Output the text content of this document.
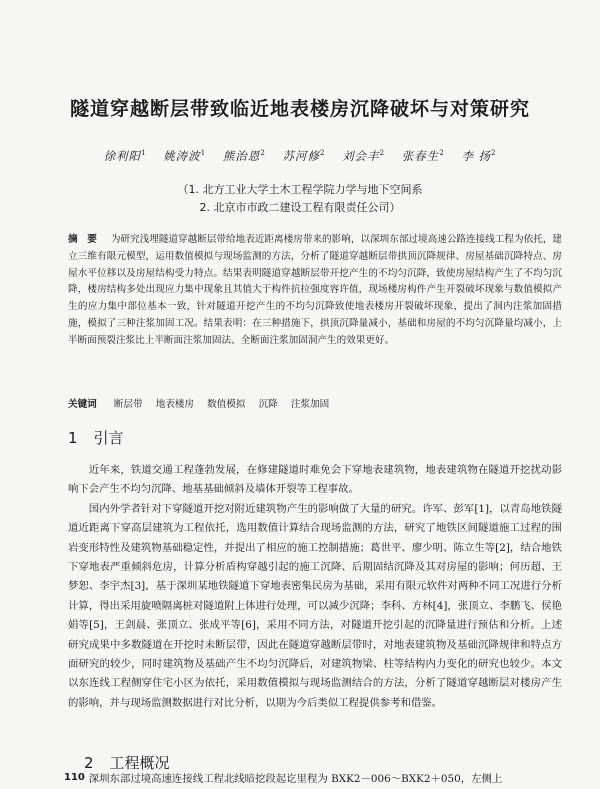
隧道穿越断层带致临近地表楼房沉降破坏与对策研究
徐利阳$^1$ 姚涛波$^1$ 熊治恩$^2$ 苏河修$^2$ 刘会丰$^2$ 张春生$^2$ 李 扬$^2$
（1. 北方工业大学土木工程学院力学与地下空间系
2. 北京市市政二建设工程有限责任公司）
摘　要 为研究浅埋隧道穿越断层带给地表近距离楼房带来的影响，以深圳东部过境高速公路连接线工程为依托，建立三维有限元模型，运用数值模拟与现场监测的方法，分析了隧道穿越断层带拱顶沉降规律、房屋基础沉降特点、房屋水平位移以及房屋结构受力特点。结果表明隧道穿越断层带开挖产生的不均匀沉降，致使房屋结构产生了不均匀沉降，楼房结构多处出现应力集中现象且其值大于构件抗拉强度容许值，现场楼房构件产生开裂破坏现象与数值模拟产生的应力集中部位基本一致，针对隧道开挖产生的不均匀沉降致使地表楼房开裂破坏现象，提出了洞内注浆加固措施，模拟了三种注浆加固工况。结果表明：在三种措施下，拱顶沉降量减小，基础和房屋的不均匀沉降量均减小，上半断面预裂注浆比上半断面注浆加固法、全断面注浆加固洞产生的效果更好。
关键词 断层带 地表楼房 数值模拟 沉降 注浆加固
1 引言

近年来，铁道交通工程蓬勃发展，在修建隧道时难免会下穿地表建筑物，地表建筑物在隧道开挖扰动影响下会产生不均匀沉降、地基基础倾斜及墙体开裂等工程事故。

国内外学者针对下穿隧道开挖对附近建筑物产生的影响做了大量的研究。许军、彭军[1]，以青岛地铁隧道近距离下穿高层建筑为工程依托，选用数值计算结合现场监测的方法，研究了地铁区间隧道施工过程的围岩变形特性及建筑物基础稳定性，并提出了相应的施工控制措施；葛世平、廖少明、陈立生等[2]，结合地铁下穿地表严重倾斜危房，计算分析盾构穿越引起的施工沉降、后期固结沉降及其对房屋的影响；何历超、王梦恕、李宇杰[3]，基于深圳某地铁隧道下穿地表密集民房为基础，采用有限元软件对两种不同工况进行分析计算，得出采用旋喷隔离桩对隧道附上体进行处理，可以减少沉降；李科、方林[4]，张顶立、李鹏飞、侯艳娟等[5]，王剑晨、张顶立、张成平等[6]，采用不同方法，对隧道开挖引起的沉降量进行预估和分析。上述研究成果中多数隧道在开挖时未断层带，因此在隧道穿越断层带时，对地表建筑物及基础沉降规律和特点方面研究的较少，同时建筑物及基础产生不均匀沉降后，对建筑物梁、柱等结构内力变化的研究也较少。本文以东连线工程侧穿住宅小区为依托，采用数值模拟与现场监测结合的方法，分析了隧道穿越断层对楼房产生的影响，并与现场监测数据进行对比分析，以期为今后类似工程提供参考和借鉴。

2 工程概况

深圳东部过境高速连接线工程北线暗挖段起讫里程为 BXK2－006～BXK2＋050，左侧上

110
